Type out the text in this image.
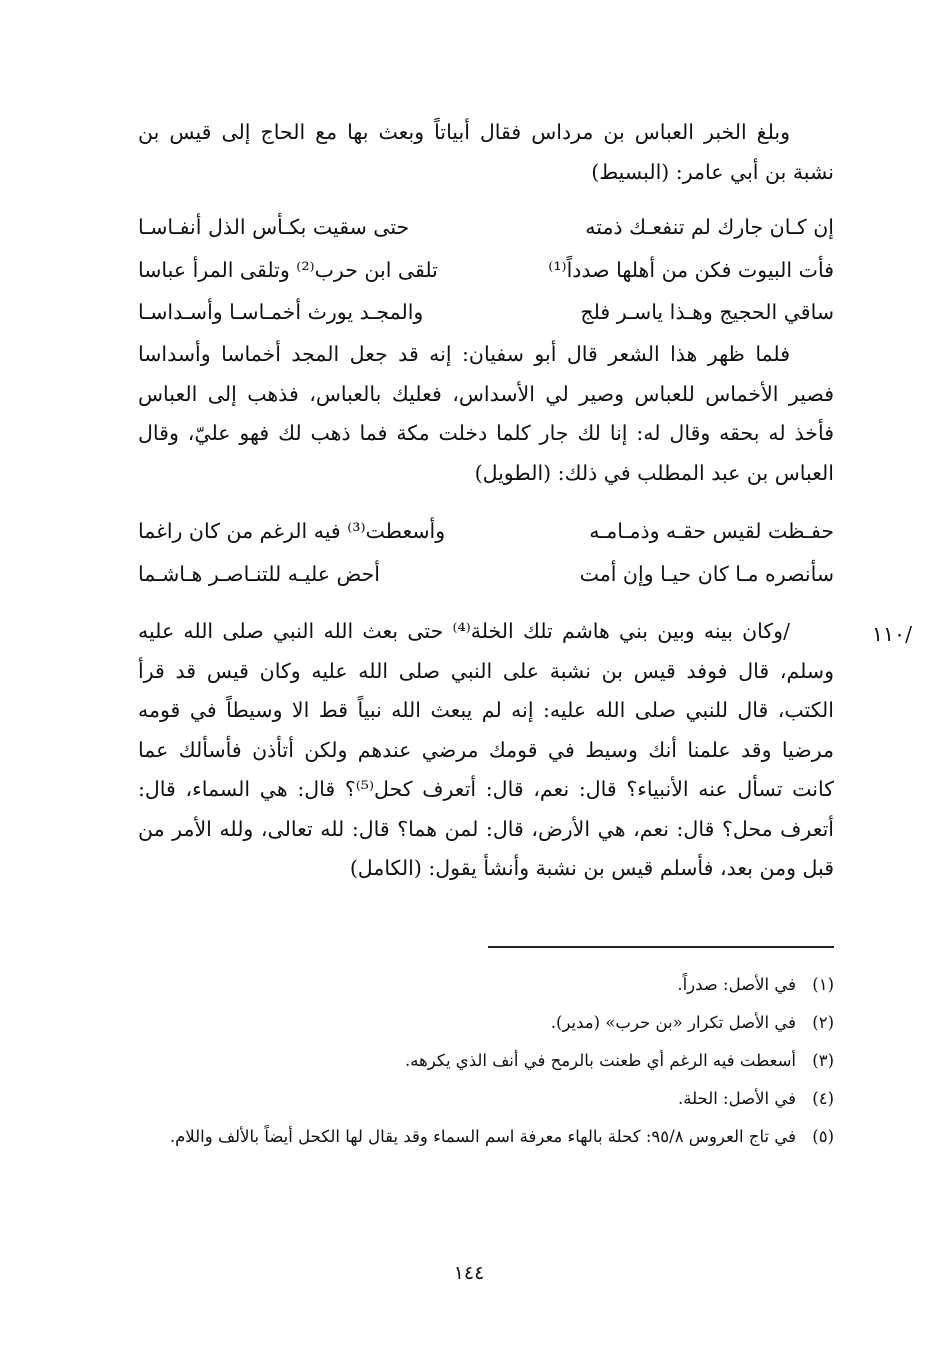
وبلغ الخبر العباس بن مرداس فقال أبياتاً وبعث بها مع الحاج إلى قيس بن نشبة بن أبي عامر: (البسيط)

إن كـان جارك لم تنفعـك ذمته
حتى سقيت بكـأس الذل أنفـاسـا
فأت البيوت فكن من أهلها صدداً⁽¹⁾
تلقى ابن حرب⁽²⁾ وتلقى المرأ عباسا
ساقي الحجيج وهـذا ياسـر فلج
والمجـد يورث أخمـاسـا وأسـداسـا

فلما ظهر هذا الشعر قال أبو سفيان: إنه قد جعل المجد أخماسا وأسداسا فصير الأخماس للعباس وصير لي الأسداس، فعليك بالعباس، فذهب إلى العباس فأخذ له بحقه وقال له: إنا لك جار كلما دخلت مكة فما ذهب لك فهو عليّ، وقال العباس بن عبد المطلب في ذلك: (الطويل)

حفـظت لقيس حقـه وذمـامـه
وأسعطت⁽³⁾ فيه الرغم من كان راغما
سأنصره مـا كان حيـا وإن أمت
أحض عليـه للتنـاصـر هـاشـما
/١١٠

/وكان بينه وبين بني هاشم تلك الخلة⁽⁴⁾ حتى بعث الله النبي صلى الله عليه وسلم، قال فوفد قيس بن نشبة على النبي صلى الله عليه وكان قيس قد قرأ الكتب، قال للنبي صلى الله عليه: إنه لم يبعث الله نبياً قط الا وسيطاً في قومه مرضيا وقد علمنا أنك وسيط في قومك مرضي عندهم ولكن أتأذن فأسألك عما كانت تسأل عنه الأنبياء؟ قال: نعم، قال: أتعرف كحل⁽⁵⁾؟ قال: هي السماء، قال: أتعرف محل؟ قال: نعم، هي الأرض، قال: لمن هما؟ قال: لله تعالى، ولله الأمر من قبل ومن بعد، فأسلم قيس بن نشبة وأنشأ يقول: (الكامل)

(١)
في الأصل: صدراً.
(٢)
في الأصل تكرار «بن حرب» (مدير).
(٣)
أسعطت فيه الرغم أي طعنت بالرمح في أنف الذي يكرهه.
(٤)
في الأصل: الحلة.
(٥)
في تاج العروس ٩٥/٨: كحلة بالهاء معرفة اسم السماء وقد يقال لها الكحل أيضاً بالألف واللام.
١٤٤
